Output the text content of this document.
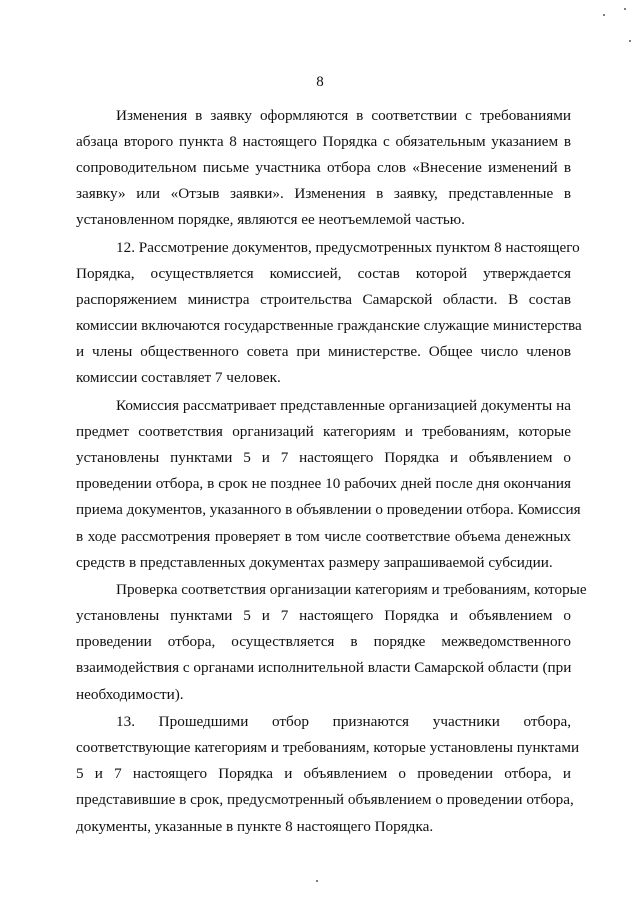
8
Изменения в заявку оформляются в соответствии с требованиями
абзаца второго пункта 8 настоящего Порядка с обязательным указанием в
сопроводительном письме участника отбора слов «Внесение изменений в
заявку» или «Отзыв заявки». Изменения в заявку, представленные в
установленном порядке, являются ее неотъемлемой частью.
12. Рассмотрение документов, предусмотренных пунктом 8 настоящего
Порядка, осуществляется комиссией, состав которой утверждается
распоряжением министра строительства Самарской области. В состав
комиссии включаются государственные гражданские служащие министерства
и члены общественного совета при министерстве. Общее число членов
комиссии составляет 7 человек.
Комиссия рассматривает представленные организацией документы на
предмет соответствия организаций категориям и требованиям, которые
установлены пунктами 5 и 7 настоящего Порядка и объявлением о
проведении отбора, в срок не позднее 10 рабочих дней после дня окончания
приема документов, указанного в объявлении о проведении отбора. Комиссия
в ходе рассмотрения проверяет в том числе соответствие объема денежных
средств в представленных документах размеру запрашиваемой субсидии.
Проверка соответствия организации категориям и требованиям, которые
установлены пунктами 5 и 7 настоящего Порядка и объявлением о
проведении отбора, осуществляется в порядке межведомственного
взаимодействия с органами исполнительной власти Самарской области (при
необходимости).
13. Прошедшими отбор признаются участники отбора,
соответствующие категориям и требованиям, которые установлены пунктами
5 и 7 настоящего Порядка и объявлением о проведении отбора, и
представившие в срок, предусмотренный объявлением о проведении отбора,
документы, указанные в пункте 8 настоящего Порядка.
